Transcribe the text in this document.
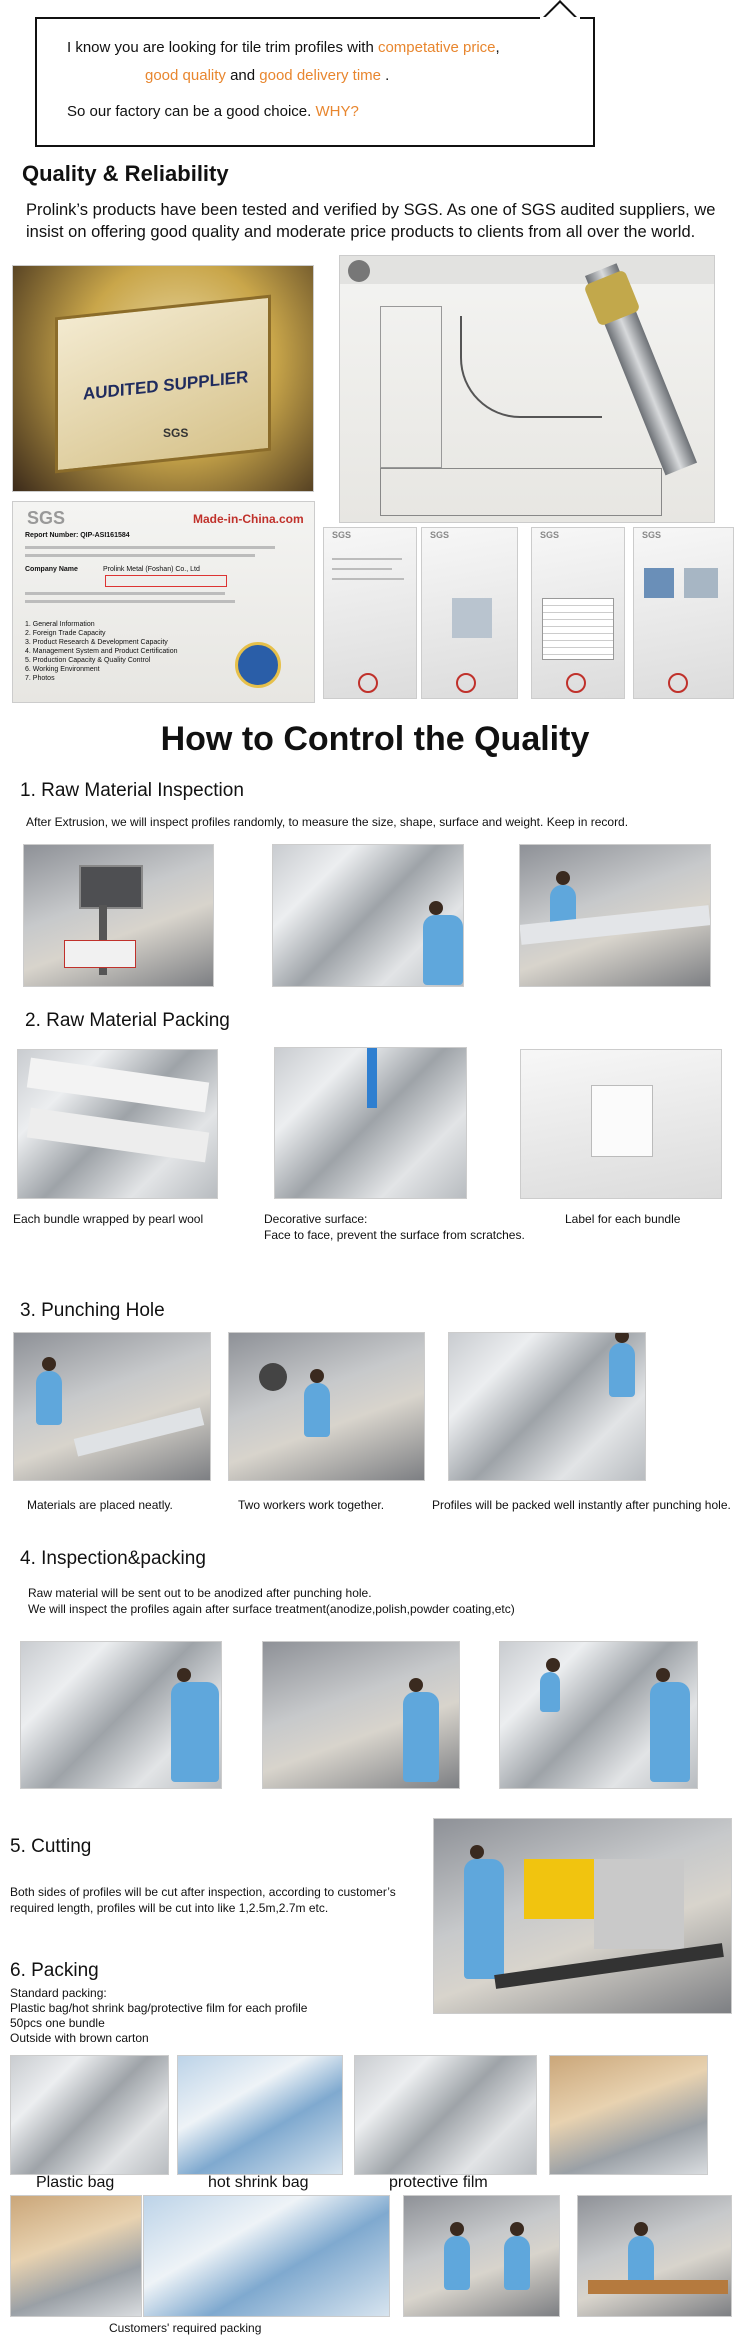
I know you are looking for tile trim profiles with competative price,
good quality and good delivery time .
So our factory can be a good choice. WHY?
Quality & Reliability
Prolink’s products have been tested and verified by SGS. As one of SGS audited suppliers, we insist on offering good quality and moderate price products to clients from all over the world.
AUDITED SUPPLIER
SGS
SGS	Made-in-China.com
Report Number: QIP-ASI161584
Company Name	Prolink Metal (Foshan) Co., Ltd
1. General Information
2. Foreign Trade Capacity
3. Product Research & Development Capacity
4. Management System and Product Certification
5. Production Capacity & Quality Control
6. Working Environment
7. Photos
SGS	SGS	SGS	SGS
How to Control the Quality
1. Raw Material Inspection
After Extrusion, we will inspect profiles randomly, to measure the size, shape, surface and weight. Keep in record.
2. Raw Material Packing
Each bundle wrapped by pearl wool	Decorative surface:
Face to face, prevent the surface from scratches.
Label for each bundle
3. Punching Hole
Materials are placed neatly.	Two workers work together.	Profiles will be packed well instantly after punching hole.
4. Inspection&packing
Raw material will be sent out to be anodized after punching hole.
We will inspect the profiles again after surface treatment(anodize,polish,powder coating,etc)
5. Cutting
Both sides of profiles will be cut after inspection, according to customer’s required length, profiles will be cut into like 1,2.5m,2.7m etc.
6. Packing
Standard packing:
Plastic bag/hot shrink bag/protective film for each profile
50pcs one bundle
Outside with brown carton
Plastic bag	hot shrink bag	protective film
Customers' required packing
